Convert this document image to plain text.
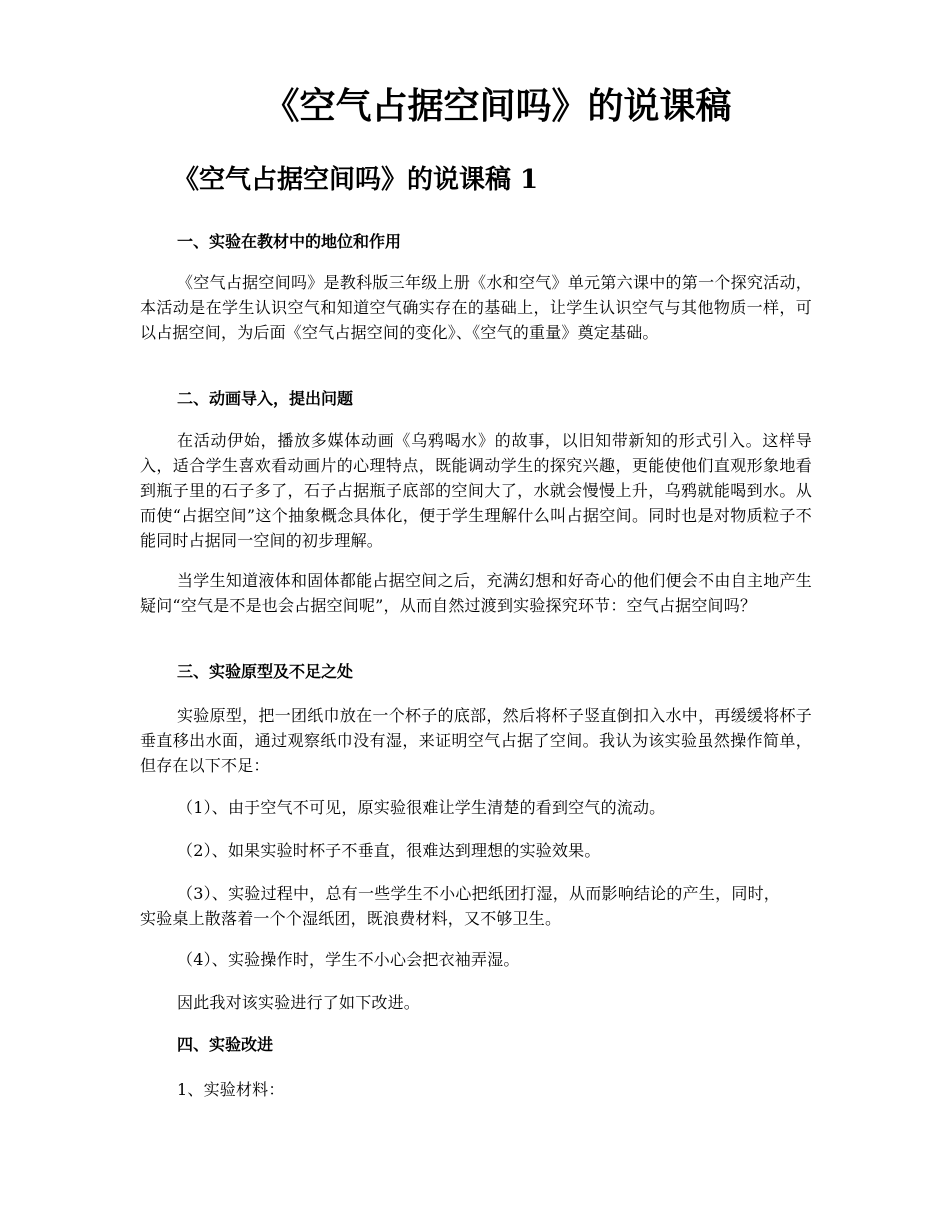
《空气占据空间吗》的说课稿
《空气占据空间吗》的说课稿 1
一、实验在教材中的地位和作用
《空气占据空间吗》是教科版三年级上册《水和空气》单元第六课中的第一个探究活动，本活动是在学生认识空气和知道空气确实存在的基础上，让学生认识空气与其他物质一样，可以占据空间，为后面《空气占据空间的变化》、《空气的重量》奠定基础。
二、动画导入，提出问题
在活动伊始，播放多媒体动画《乌鸦喝水》的故事，以旧知带新知的形式引入。这样导入，适合学生喜欢看动画片的心理特点，既能调动学生的探究兴趣，更能使他们直观形象地看到瓶子里的石子多了，石子占据瓶子底部的空间大了，水就会慢慢上升，乌鸦就能喝到水。从而使“占据空间”这个抽象概念具体化，便于学生理解什么叫占据空间。同时也是对物质粒子不能同时占据同一空间的初步理解。
当学生知道液体和固体都能占据空间之后，充满幻想和好奇心的他们便会不由自主地产生疑问“空气是不是也会占据空间呢”，从而自然过渡到实验探究环节：空气占据空间吗？
三、实验原型及不足之处
实验原型，把一团纸巾放在一个杯子的底部，然后将杯子竖直倒扣入水中，再缓缓将杯子垂直移出水面，通过观察纸巾没有湿，来证明空气占据了空间。我认为该实验虽然操作简单，但存在以下不足：
（1）、由于空气不可见，原实验很难让学生清楚的看到空气的流动。
（2）、如果实验时杯子不垂直，很难达到理想的实验效果。
（3）、实验过程中，总有一些学生不小心把纸团打湿，从而影响结论的产生，同时，实验桌上散落着一个个湿纸团，既浪费材料，又不够卫生。
（4）、实验操作时，学生不小心会把衣袖弄湿。
因此我对该实验进行了如下改进。
四、实验改进
1、实验材料：
